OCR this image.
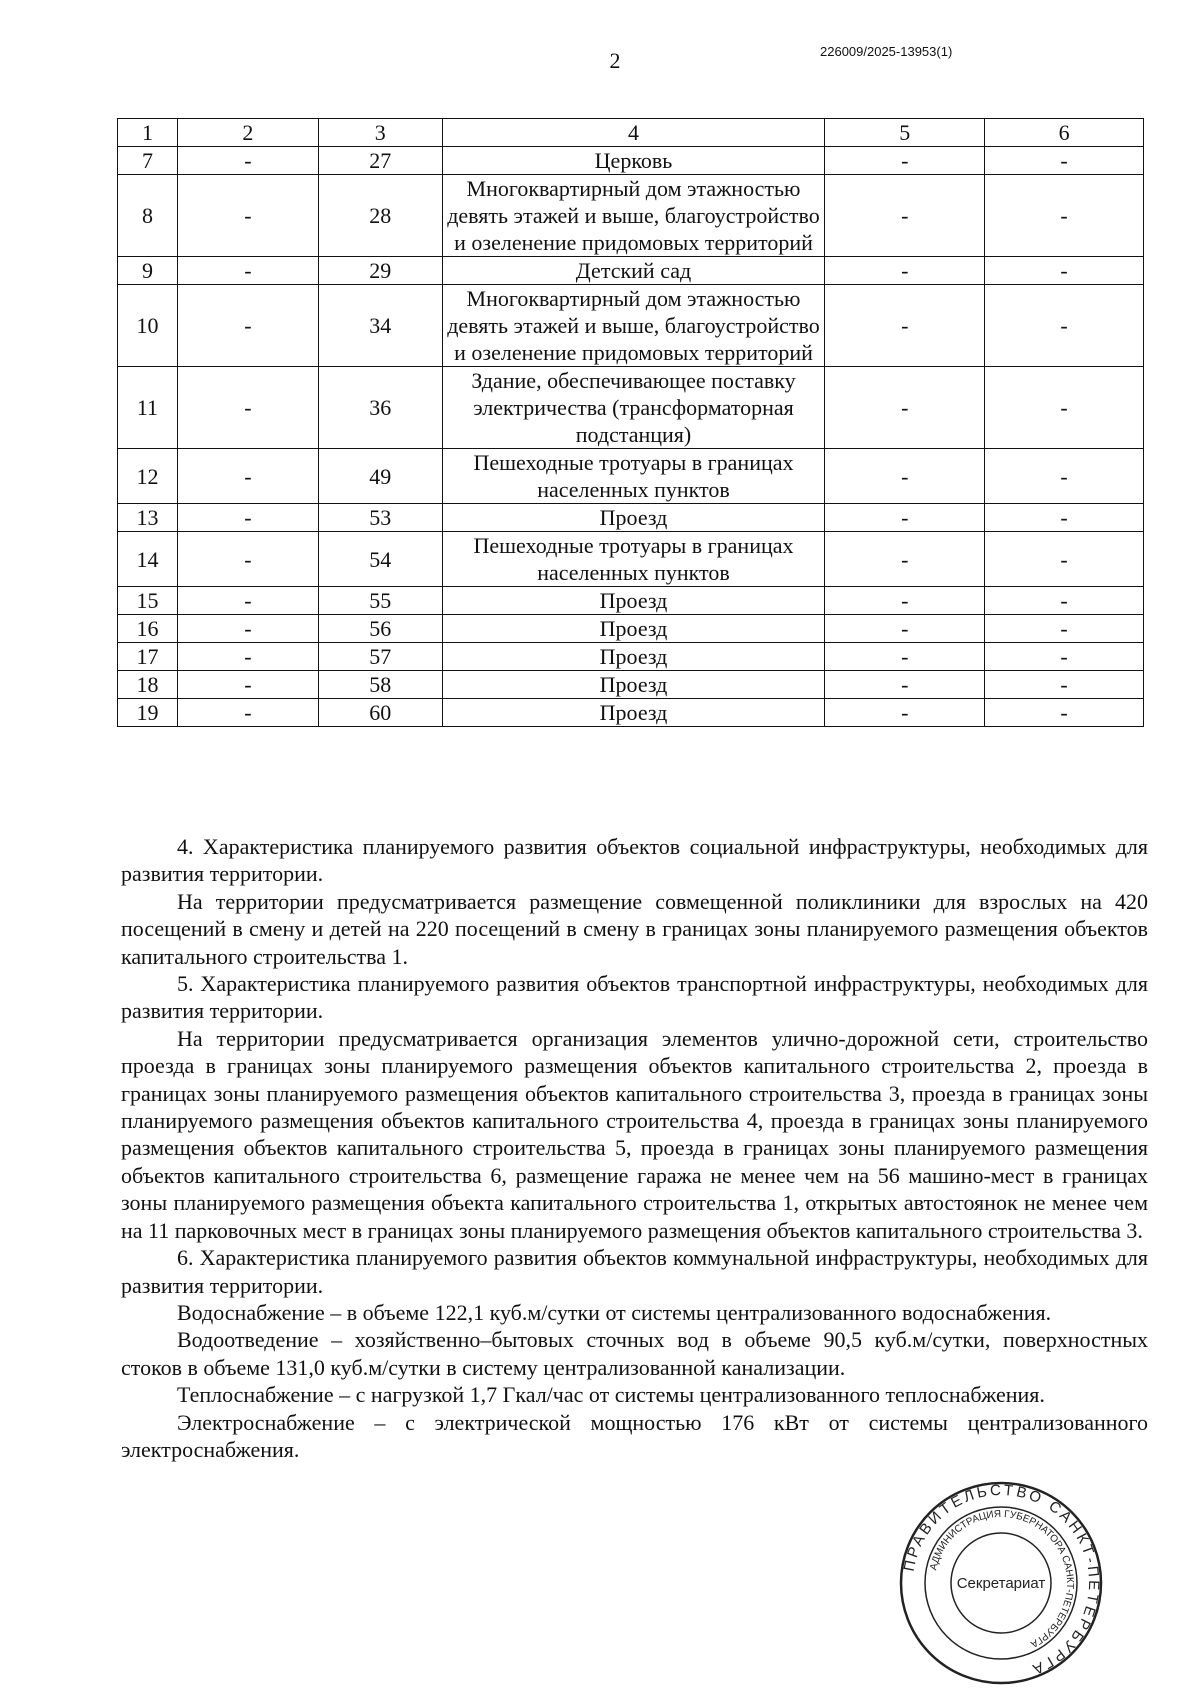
2	226009/2025-13953(1)
1	2	3	4	5	6
7	-	27	Церковь	-	-
8	-	28	Многоквартирный дом этажностью девять этажей и выше, благоустройство и озеленение придомовых территорий	-	-
9	-	29	Детский сад	-	-
10	-	34	Многоквартирный дом этажностью девять этажей и выше, благоустройство и озеленение придомовых территорий	-	-
11	-	36	Здание, обеспечивающее поставку электричества (трансформаторная подстанция)	-	-
12	-	49	Пешеходные тротуары в границах населенных пунктов	-	-
13	-	53	Проезд	-	-
14	-	54	Пешеходные тротуары в границах населенных пунктов	-	-
15	-	55	Проезд	-	-
16	-	56	Проезд	-	-
17	-	57	Проезд	-	-
18	-	58	Проезд	-	-
19	-	60	Проезд	-	-

4. Характеристика планируемого развития объектов социальной инфраструктуры, необходимых для развития территории.

На территории предусматривается размещение совмещенной поликлиники для взрослых на 420 посещений в смену и детей на 220 посещений в смену в границах зоны планируемого размещения объектов капитального строительства 1.

5. Характеристика планируемого развития объектов транспортной инфраструктуры, необходимых для развития территории.

На территории предусматривается организация элементов улично-дорожной сети, строительство проезда в границах зоны планируемого размещения объектов капитального строительства 2, проезда в границах зоны планируемого размещения объектов капитального строительства 3, проезда в границах зоны планируемого размещения объектов капитального строительства 4, проезда в границах зоны планируемого размещения объектов капитального строительства 5, проезда в границах зоны планируемого размещения объектов капитального строительства 6, размещение гаража не менее чем на 56 машино-мест в границах зоны планируемого размещения объекта капитального строительства 1, открытых автостоянок не менее чем на 11 парковочных мест в границах зоны планируемого размещения объектов капитального строительства 3.

6. Характеристика планируемого развития объектов коммунальной инфраструктуры, необходимых для развития территории.

Водоснабжение – в объеме 122,1 куб.м/сутки от системы централизованного водоснабжения.

Водоотведение – хозяйственно–бытовых сточных вод в объеме 90,5 куб.м/сутки, поверхностных стоков в объеме 131,0 куб.м/сутки в систему централизованной канализации.

Теплоснабжение – с нагрузкой 1,7 Гкал/час от системы централизованного теплоснабжения.

Электроснабжение – с электрической мощностью 176 кВт от системы централизованного электроснабжения.

ПРАВИТЕЛЬСТВО САНКТ-ПЕТЕРБУРГА
АДМИНИСТРАЦИЯ ГУБЕРНАТОРА САНКТ-ПЕТЕРБУРГА
Секретариат
